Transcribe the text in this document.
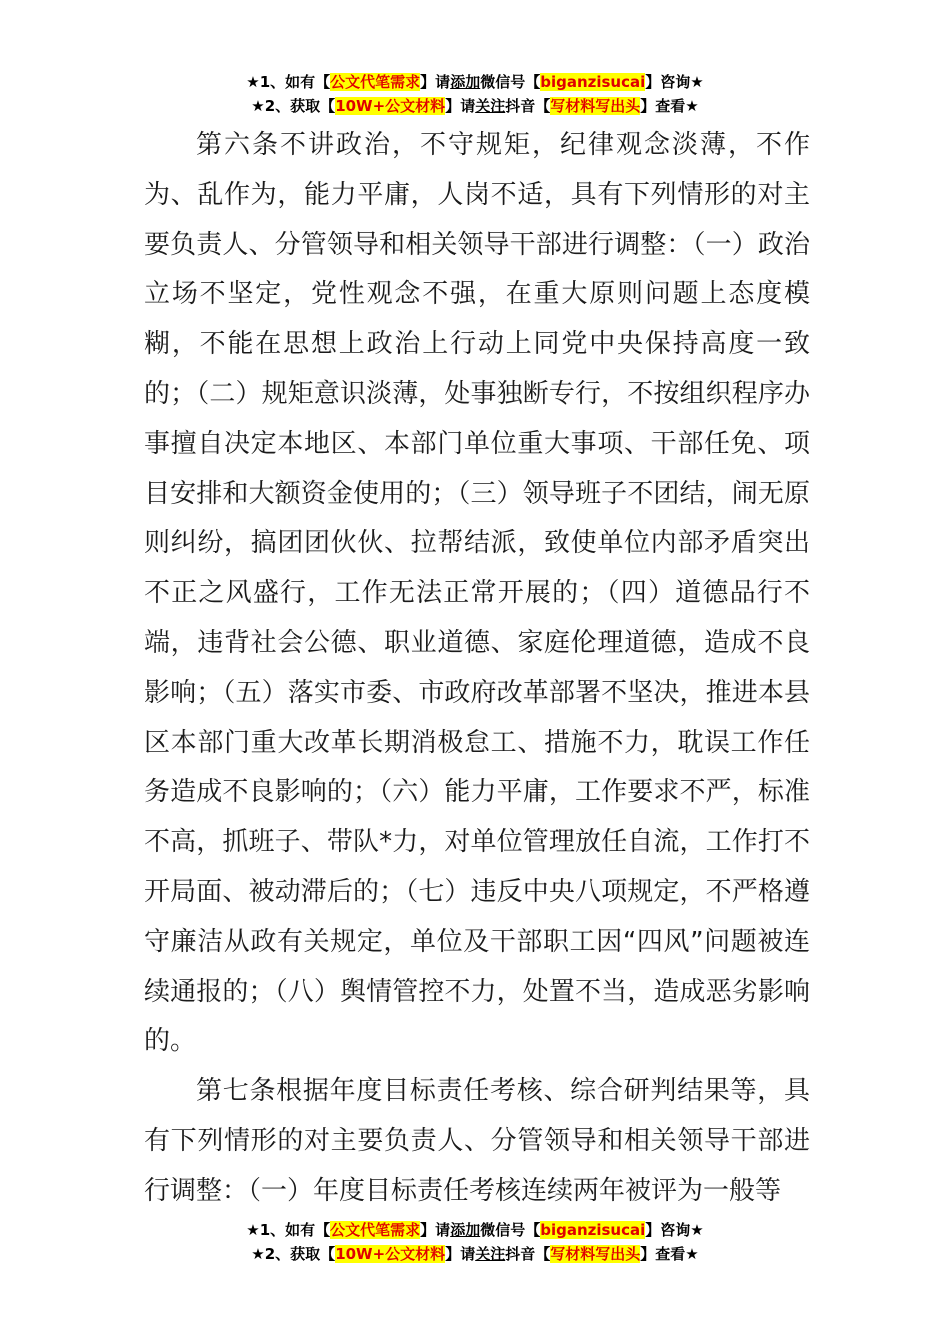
★1、如有【公文代笔需求】请添加微信号【biganzisucai】咨询★
★2、获取【10W+公文材料】请关注抖音【写材料写出头】查看★

第六条不讲政治，不守规矩，纪律观念淡薄，不作为、乱作为，能力平庸，人岗不适，具有下列情形的对主要负责人、分管领导和相关领导干部进行调整：（一）政治立场不坚定，党性观念不强，在重大原则问题上态度模糊，不能在思想上政治上行动上同党中央保持高度一致的；（二）规矩意识淡薄，处事独断专行，不按组织程序办事擅自决定本地区、本部门单位重大事项、干部任免、项目安排和大额资金使用的；（三）领导班子不团结，闹无原则纠纷，搞团团伙伙、拉帮结派，致使单位内部矛盾突出不正之风盛行，工作无法正常开展的；（四）道德品行不端，违背社会公德、职业道德、家庭伦理道德，造成不良影响；（五）落实市委、市政府改革部署不坚决，推进本县区本部门重大改革长期消极怠工、措施不力，耽误工作任务造成不良影响的；（六）能力平庸，工作要求不严，标准不高，抓班子、带队*力，对单位管理放任自流，工作打不开局面、被动滞后的；（七）违反中央八项规定，不严格遵守廉洁从政有关规定，单位及干部职工因“四风”问题被连续通报的；（八）舆情管控不力，处置不当，造成恶劣影响的。

第七条根据年度目标责任考核、综合研判结果等，具有下列情形的对主要负责人、分管领导和相关领导干部进行调整：（一）年度目标责任考核连续两年被评为一般等

★1、如有【公文代笔需求】请添加微信号【biganzisucai】咨询★
★2、获取【10W+公文材料】请关注抖音【写材料写出头】查看★
